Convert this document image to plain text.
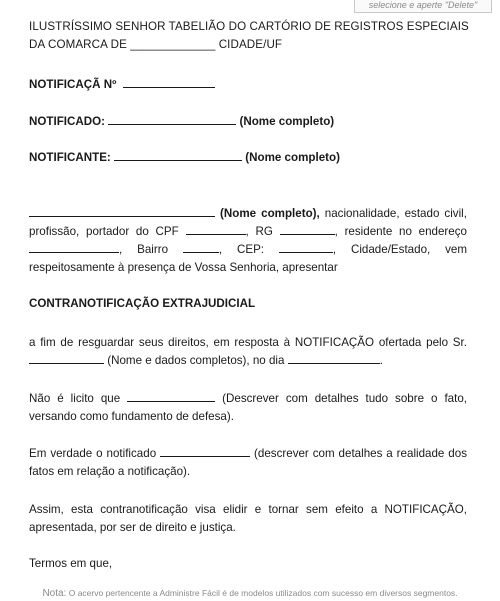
selecione e aperte "Delete"
ILUSTRÍSSIMO SENHOR TABELIÃO DO CARTÓRIO DE REGISTROS ESPECIAIS
DA COMARCA DE _____________ CIDADE/UF
NOTIFICAÇÃ Nº
NOTIFICADO:	(Nome completo)
NOTIFICANTE:	(Nome completo)
(Nome completo), nacionalidade, estado civil,
profissão, portador do CPF	, RG	, residente no endereço
, Bairro	, CEP:	, Cidade/Estado, vem
respeitosamente à presença de Vossa Senhoria, apresentar
CONTRANOTIFICAÇÃO EXTRAJUDICIAL
a fim de resguardar seus direitos, em resposta à NOTIFICAÇÃO ofertada pelo Sr.
(Nome e dados completos), no dia	.
Não é licito que	(Descrever com detalhes tudo sobre o fato,
versando como fundamento de defesa).
Em verdade o notificado	(descrever com detalhes a realidade dos
fatos em relação a notificação).
Assim, esta contranotificação visa elidir e tornar sem efeito a NOTIFICAÇÃO,
apresentada, por ser de direito e justiça.
Termos em que,
Nota: O acervo pertencente a Administre Fácil é de modelos utilizados com sucesso em diversos segmentos.
